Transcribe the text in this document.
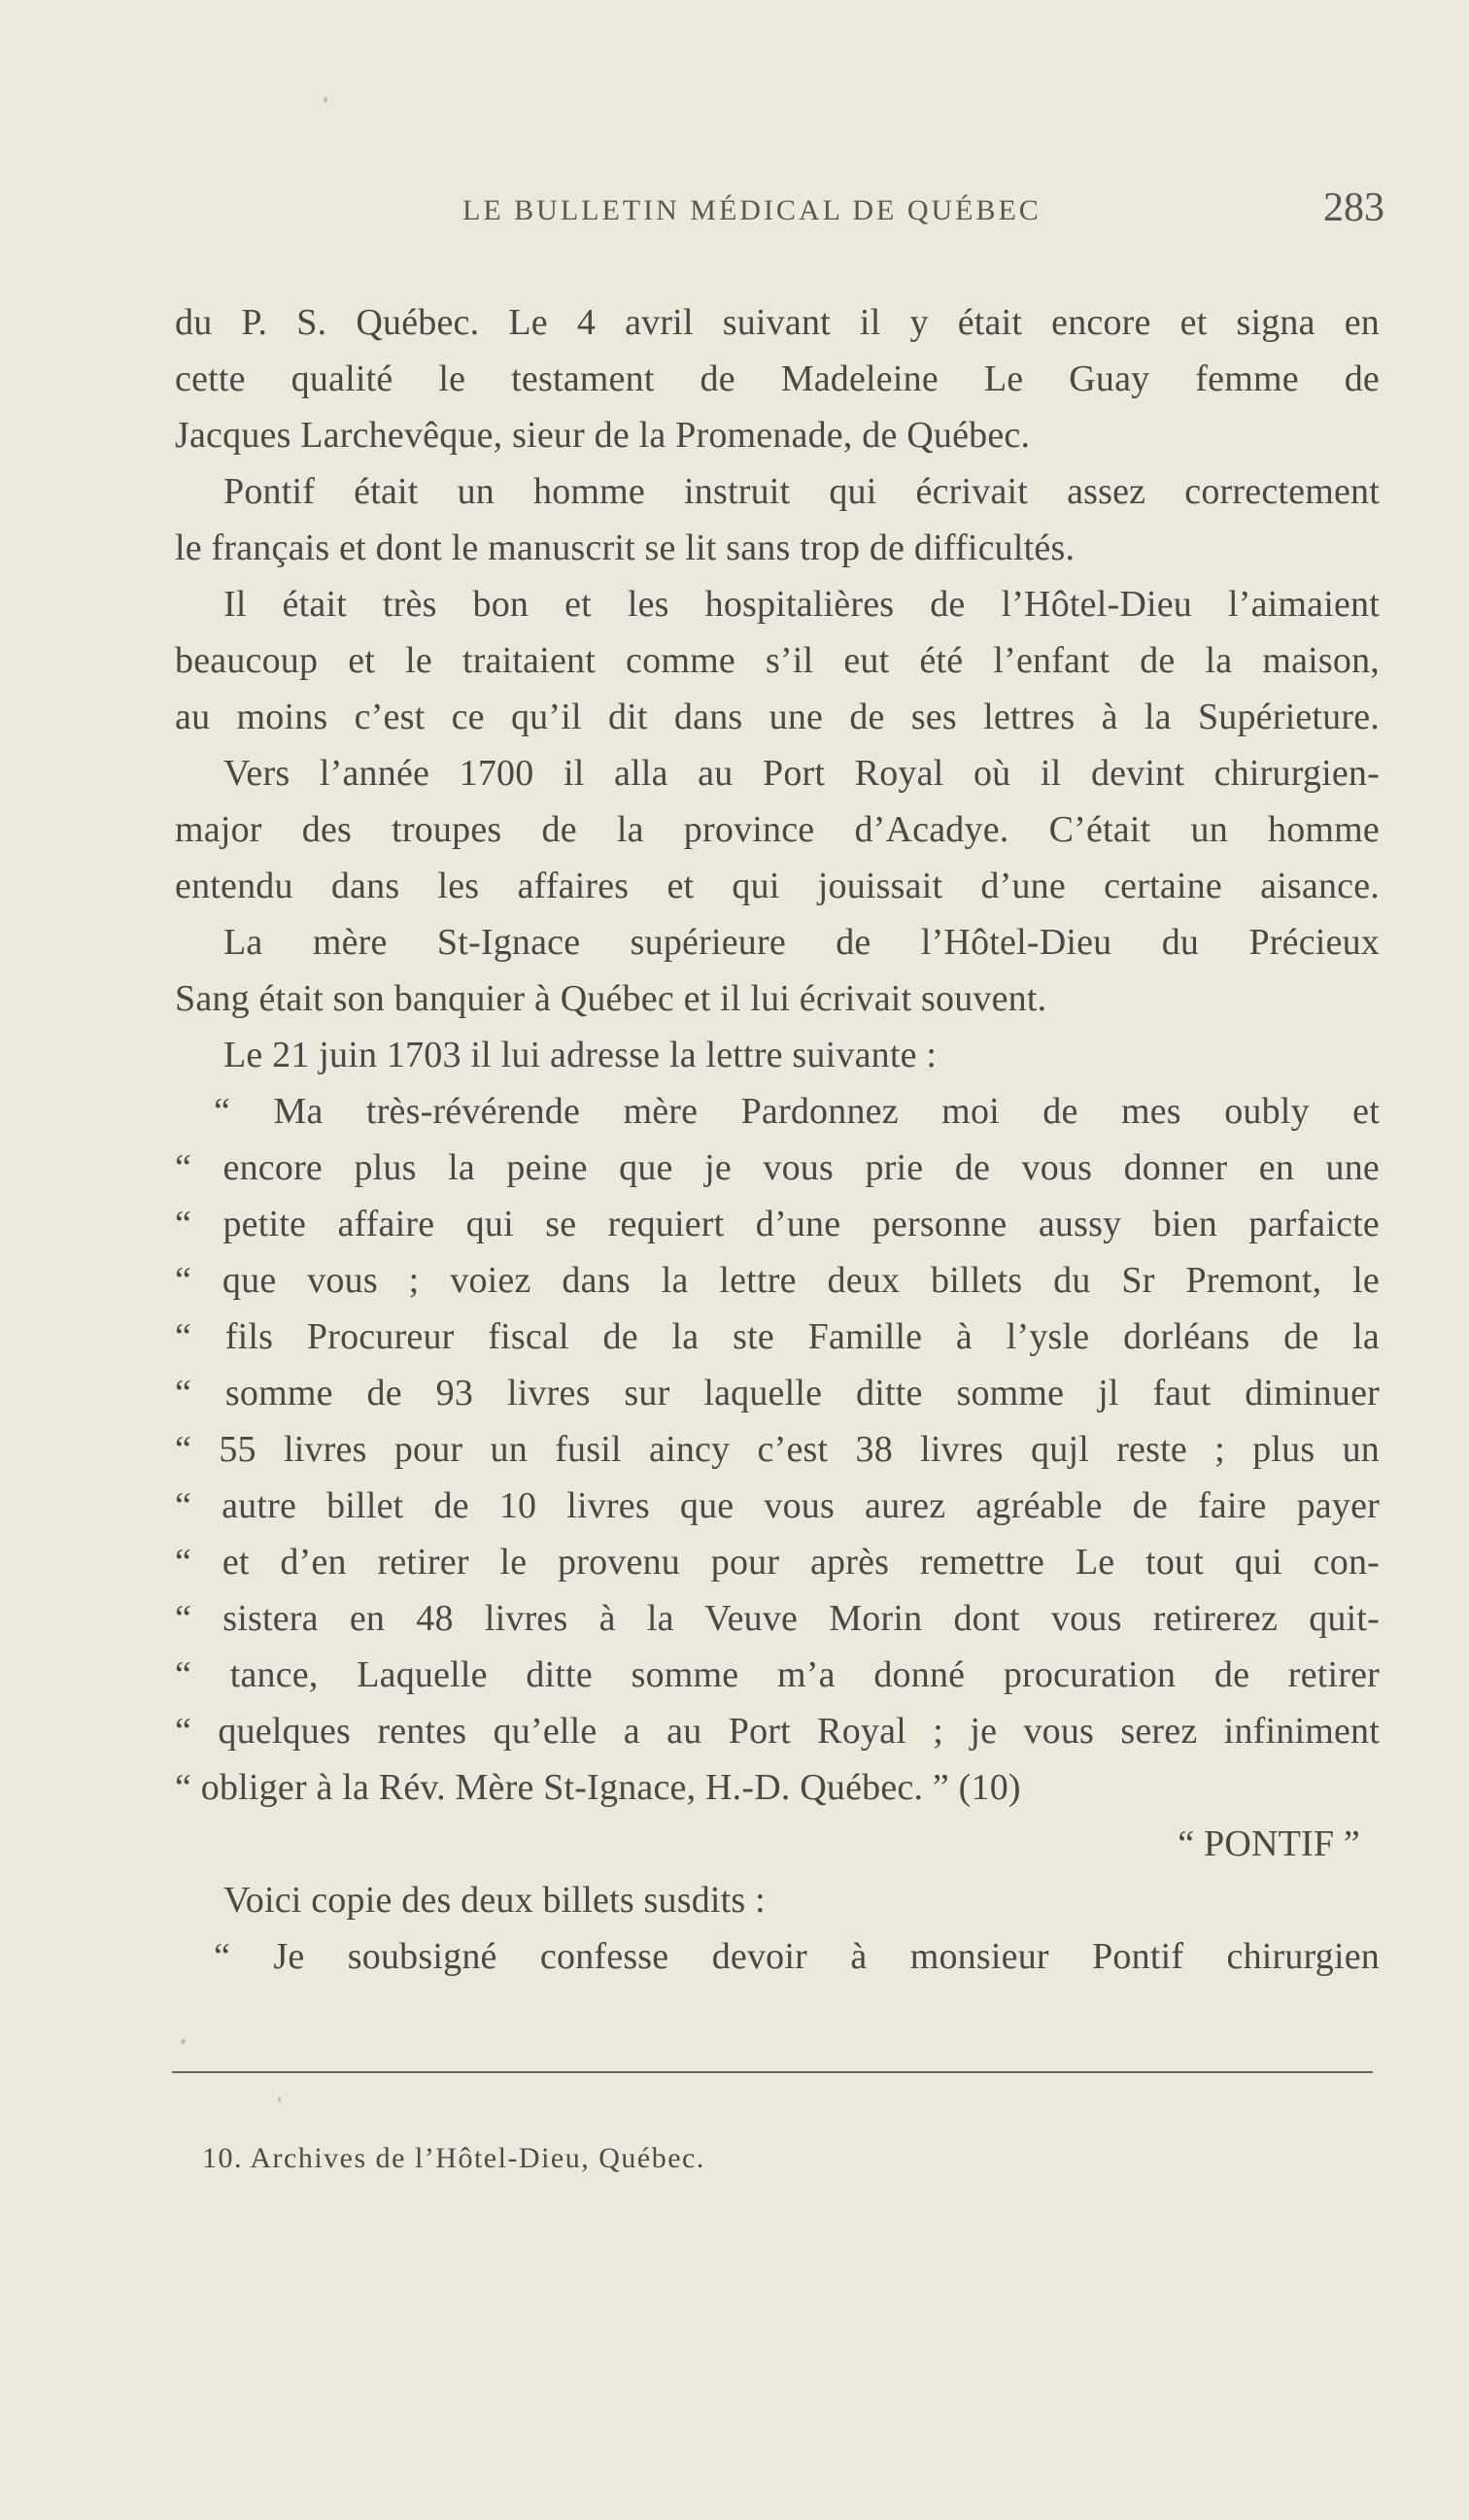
LE BULLETIN MÉDICAL DE QUÉBEC	283
du P. S. Québec. Le 4 avril suivant il y était encore et signa en
cette qualité le testament de Madeleine Le Guay femme de
Jacques Larchevêque, sieur de la Promenade, de Québec.
Pontif était un homme instruit qui écrivait assez correctement
le français et dont le manuscrit se lit sans trop de difficultés.
Il était très bon et les hospitalières de l’Hôtel-Dieu l’aimaient
beaucoup et le traitaient comme s’il eut été l’enfant de la maison,
au moins c’est ce qu’il dit dans une de ses lettres à la Supérieture.
Vers l’année 1700 il alla au Port Royal où il devint chirurgien-
major des troupes de la province d’Acadye. C’était un homme
entendu dans les affaires et qui jouissait d’une certaine aisance.
La mère St-Ignace supérieure de l’Hôtel-Dieu du Précieux
Sang était son banquier à Québec et il lui écrivait souvent.
Le 21 juin 1703 il lui adresse la lettre suivante :
“ Ma très-révérende mère Pardonnez moi de mes oubly et
“ encore plus la peine que je vous prie de vous donner en une
“ petite affaire qui se requiert d’une personne aussy bien parfaicte
“ que vous ; voiez dans la lettre deux billets du Sr Premont, le
“ fils Procureur fiscal de la ste Famille à l’ysle dorléans de la
“ somme de 93 livres sur laquelle ditte somme jl faut diminuer
“ 55 livres pour un fusil aincy c’est 38 livres qujl reste ; plus un
“ autre billet de 10 livres que vous aurez agréable de faire payer
“ et d’en retirer le provenu pour après remettre Le tout qui con-
“ sistera en 48 livres à la Veuve Morin dont vous retirerez quit-
“ tance, Laquelle ditte somme m’a donné procuration de retirer
“ quelques rentes qu’elle a au Port Royal ; je vous serez infiniment
“ obliger à la Rév. Mère St-Ignace, H.-D. Québec. ” (10)
“ PONTIF ”
Voici copie des deux billets susdits :
“ Je soubsigné confesse devoir à monsieur Pontif chirurgien
10. Archives de l’Hôtel-Dieu, Québec.
